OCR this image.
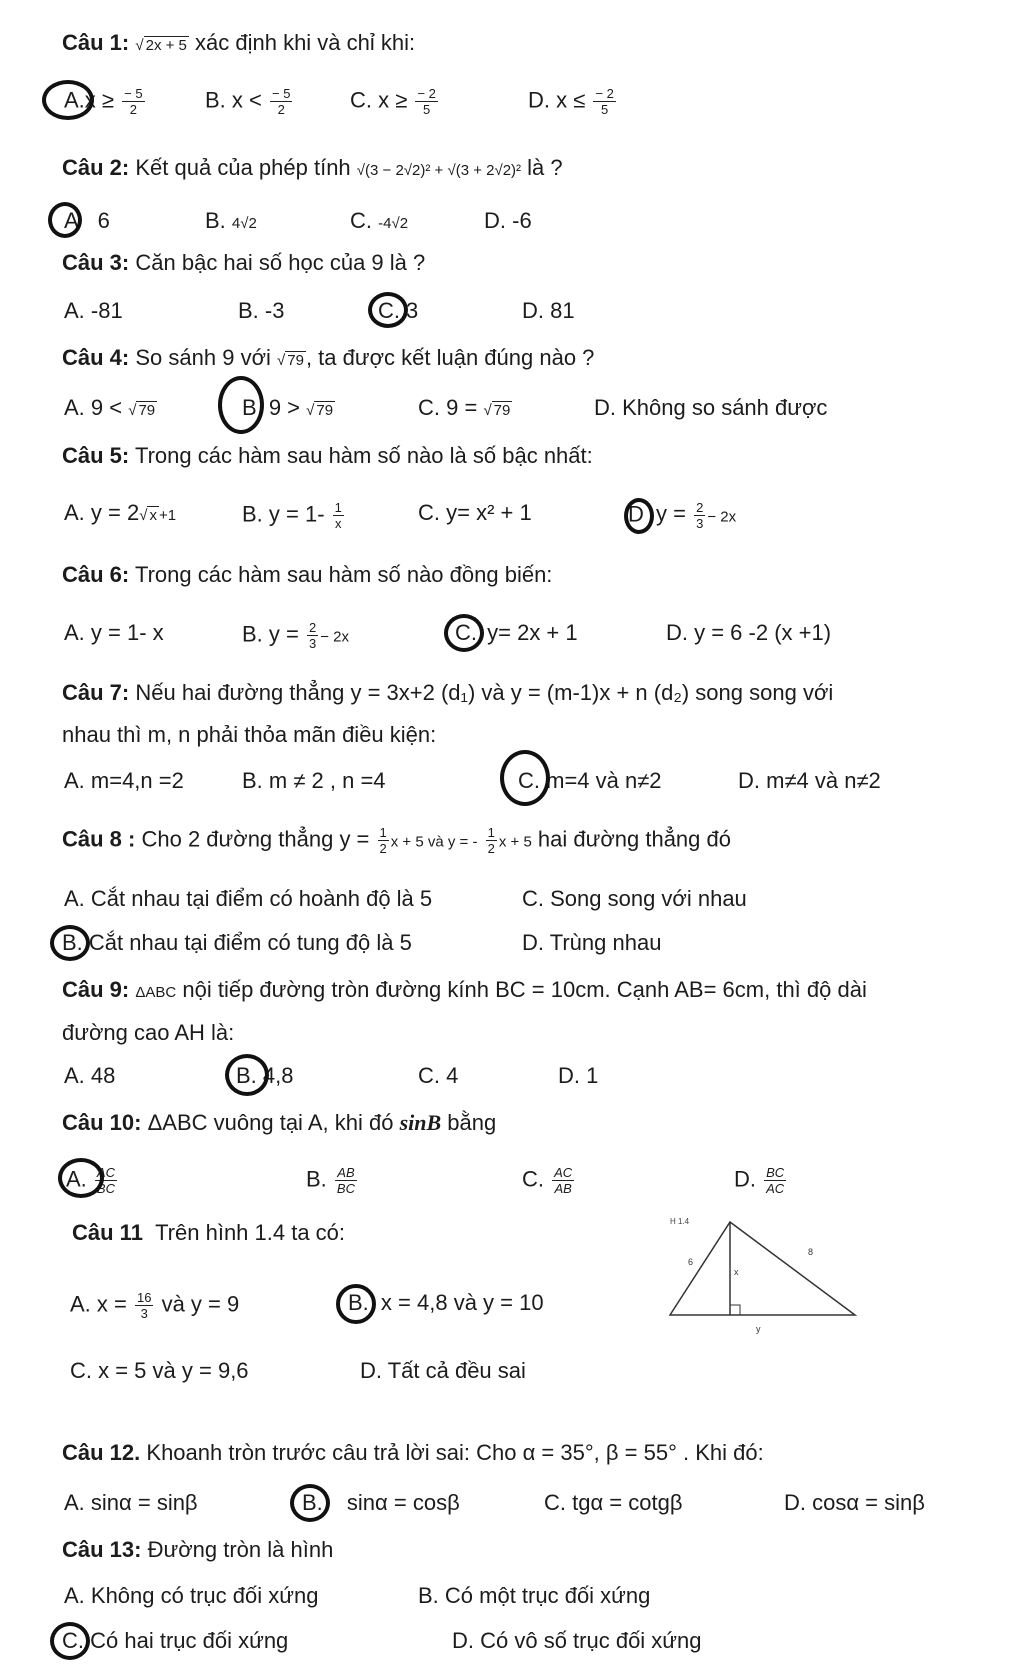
Câu 1: √ 2x + 5 xác định khi và chỉ khi:
$A.x \ge \frac{- 5}{2}$	B. $x < \frac{- 5}{2}$	C. $x \ge \frac{- 2}{5}$	D. $x \le \frac{- 2}{5}$
Câu 2: Kết quả của phép tính √(3 − 2√2)² + √(3 + 2√2)² là ?
A 6	B. 4√2	C. -4√2	D. -6
Câu 3: Căn bậc hai số học của 9 là ?
A. -81	B. -3	C. 3	D. 81
Câu 4: So sánh 9 với √ 79, ta được kết luận đúng nào ?
A. 9 < √ 79	B 9 > √ 79	C. 9 = √ 79	D. Không so sánh được
Câu 5: Trong các hàm sau hàm số nào là số bậc nhất:
A. y = 2√ x +1	B. $y = 1- \frac{1}{x}$	C. y= x² + 1	D $y = \frac{2}{3} - 2x$
Câu 6: Trong các hàm sau hàm số nào đồng biến:
A. y = 1- x	B. $y = \frac{2}{3} - 2x$	C. y= 2x + 1	D. y = 6 -2 (x +1)
Câu 7: Nếu hai đường thẳng y = 3x+2 (d₁) và y = (m-1)x + n (d₂) song song với
nhau thì m, n phải thỏa mãn điều kiện:
A. m=4,n =2	B. m ≠ 2 , n =4	C. m=4 và n≠2	D. m≠4 và n≠2
Câu 8 : Cho 2 đường thẳng $y = \frac{1}{2}$ x + 5 và y = - $\frac{1}{2}$ x + 5 hai đường thẳng đó
A. Cắt nhau tại điểm có hoành độ là 5	C. Song song với nhau
B. Cắt nhau tại điểm có tung độ là 5	D. Trùng nhau
Câu 9: ΔABC nội tiếp đường tròn đường kính BC = 10cm. Cạnh AB= 6cm, thì độ dài
đường cao AH là:
A. 48	B. 4,8	C. 4	D. 1
Câu 10: ΔABC vuông tại A, khi đó sinB bằng
A. $\frac{AC}{BC}$	B. $\frac{AB}{BC}$	C. $\frac{AC}{AB}$	D. $\frac{BC}{AC}$
Câu 11 Trên hình 1.4 ta có:
A. $x = \frac{16}{3}$ và y = 9	B. x = 4,8 và y = 10
C. x = 5 và y = 9,6	D. Tất cả đều sai
H 1.4
6
8
x
y
Câu 12. Khoanh tròn trước câu trả lời sai: Cho α = 35°, β = 55° . Khi đó:
A. sinα = sinβ	B. sinα = cosβ	C. tgα = cotgβ	D. cosα = sinβ
Câu 13: Đường tròn là hình
A. Không có trục đối xứng	B. Có một trục đối xứng
C. Có hai trục đối xứng	D. Có vô số trục đối xứng
